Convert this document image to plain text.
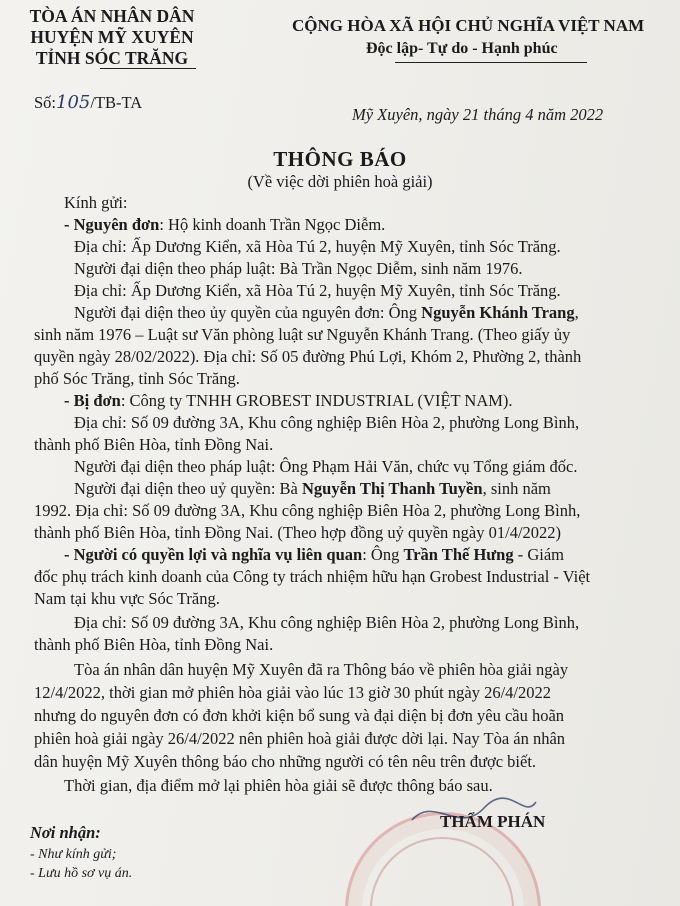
TÒA ÁN NHÂN DÂN
HUYỆN MỸ XUYÊN
TỈNH SÓC TRĂNG
CỘNG HÒA XÃ HỘI CHỦ NGHĨA VIỆT NAM
Độc lập- Tự do - Hạnh phúc
Số:105/TB-TA
Mỹ Xuyên, ngày 21 tháng 4 năm 2022
THÔNG BÁO
(Về việc dời phiên hoà giải)
Kính gửi:
- Nguyên đơn: Hộ kinh doanh Trần Ngọc Diễm.
Địa chỉ: Ấp Dương Kiển, xã Hòa Tú 2, huyện Mỹ Xuyên, tỉnh Sóc Trăng.
Người đại diện theo pháp luật: Bà Trần Ngọc Diễm, sinh năm 1976.
Địa chỉ: Ấp Dương Kiển, xã Hòa Tú 2, huyện Mỹ Xuyên, tỉnh Sóc Trăng.
Người đại diện theo ủy quyền của nguyên đơn: Ông Nguyễn Khánh Trang,
sinh năm 1976 – Luật sư Văn phòng luật sư Nguyễn Khánh Trang. (Theo giấy ủy
quyền ngày 28/02/2022). Địa chỉ: Số 05 đường Phú Lợi, Khóm 2, Phường 2, thành
phố Sóc Trăng, tỉnh Sóc Trăng.
- Bị đơn: Công ty TNHH GROBEST INDUSTRIAL (VIỆT NAM).
Địa chỉ: Số 09 đường 3A, Khu công nghiệp Biên Hòa 2, phường Long Bình,
thành phố Biên Hòa, tỉnh Đồng Nai.
Người đại diện theo pháp luật: Ông Phạm Hải Văn, chức vụ Tổng giám đốc.
Người đại diện theo uỷ quyền: Bà Nguyễn Thị Thanh Tuyền, sinh năm
1992. Địa chỉ: Số 09 đường 3A, Khu công nghiệp Biên Hòa 2, phường Long Bình,
thành phố Biên Hòa, tỉnh Đồng Nai. (Theo hợp đồng uỷ quyền ngày 01/4/2022)
- Người có quyền lợi và nghĩa vụ liên quan: Ông Trần Thế Hưng - Giám
đốc phụ trách kinh doanh của Công ty trách nhiệm hữu hạn Grobest Industrial - Việt
Nam tại khu vực Sóc Trăng.
Địa chỉ: Số 09 đường 3A, Khu công nghiệp Biên Hòa 2, phường Long Bình,
thành phố Biên Hòa, tỉnh Đồng Nai.
Tòa án nhân dân huyện Mỹ Xuyên đã ra Thông báo về phiên hòa giải ngày
12/4/2022, thời gian mở phiên hòa giải vào lúc 13 giờ 30 phút ngày 26/4/2022
nhưng do nguyên đơn có đơn khởi kiện bổ sung và đại diện bị đơn yêu cầu hoãn
phiên hoà giải ngày 26/4/2022 nên phiên hoà giải được dời lại. Nay Tòa án nhân
dân huyện Mỹ Xuyên thông báo cho những người có tên nêu trên được biết.
Thời gian, địa điểm mở lại phiên hòa giải sẽ được thông báo sau.
Nơi nhận:
- Như kính gửi;
- Lưu hồ sơ vụ án.
THẨM PHÁN
